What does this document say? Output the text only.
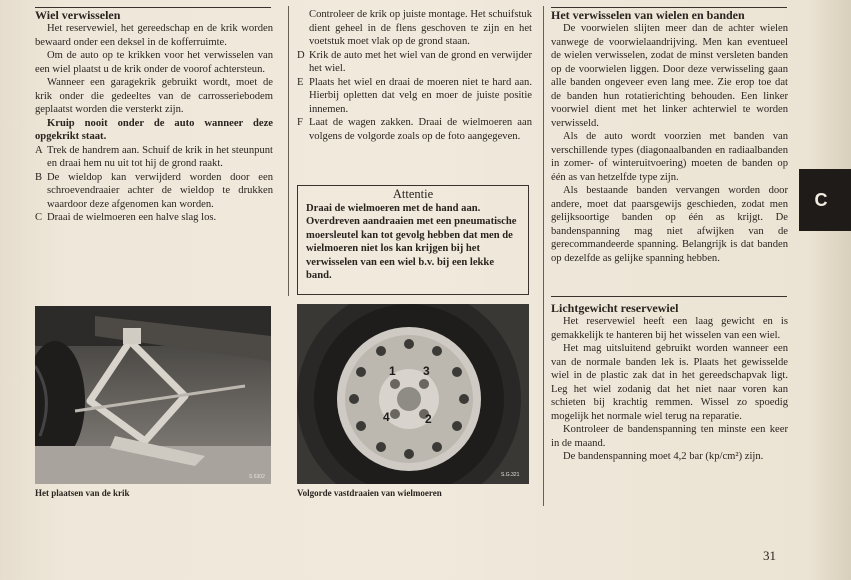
Wiel verwisselen

Het reservewiel, het gereedschap en de krik worden bewaard onder een deksel in de kofferruimte.

Om de auto op te krikken voor het verwisselen van een wiel plaatst u de krik onder de voorof achtersteun.

Wanneer een garagekrik gebruikt wordt, moet de krik onder die gedeeltes van de carrosseriebodem geplaatst worden die versterkt zijn.

Kruip nooit onder de auto wanneer deze opgekrikt staat.

A Trek de handrem aan. Schuif de krik in het steunpunt en draai hem nu uit tot hij de grond raakt.
B De wieldop kan verwijderd worden door een schroevendraaier achter de wieldop te drukken waardoor deze afgenomen kan worden.
C Draai de wielmoeren een halve slag los.
S 6302
Het plaatsen van de krik

Controleer de krik op juiste montage. Het schuifstuk dient geheel in de flens geschoven te zijn en het voetstuk moet vlak op de grond staan.

D Krik de auto met het wiel van de grond en verwijder het wiel.
E Plaats het wiel en draai de moeren niet te hard aan. Hierbij opletten dat velg en moer de juiste positie innemen.
F Laat de wagen zakken. Draai de wielmoeren aan volgens de volgorde zoals op de foto aangegeven.
Attentie
Draai de wielmoeren met de hand aan. Overdreven aandraaien met een pneumatische moersleutel kan tot gevolg hebben dat men de wielmoeren niet los kan krijgen bij het verwisselen van een wiel b.v. bij een lekke band.
1 3
4	2
S.G.321
Volgorde vastdraaien van wielmoeren
Het verwisselen van wielen en banden

De voorwielen slijten meer dan de achter wielen vanwege de voorwielaandrijving. Men kan eventueel de wielen verwisselen, zodat de minst versleten banden op de voorwielen liggen. Door deze verwisseling gaan alle banden ongeveer even lang mee. Zie erop toe dat de banden hun rotatierichting behouden. Een linker voorwiel dient met het linker achterwiel te worden verwisseld.

Als de auto wordt voorzien met banden van verschillende types (diagonaalbanden en radiaalbanden in zomer- of winteruitvoering) moeten de banden op één as van hetzelfde type zijn.

Als bestaande banden vervangen worden door andere, moet dat paarsgewijs geschieden, zodat men gelijksoortige banden op één as krijgt. De bandenspanning mag niet afwijken van de gerecommandeerde spanning. Belangrijk is dat banden op dezelfde as gelijke spanning hebben.

Lichtgewicht reservewiel

Het reservewiel heeft een laag gewicht en is gemakkelijk te hanteren bij het wisselen van een wiel.

Het mag uitsluitend gebruikt worden wanneer een van de normale banden lek is. Plaats het gewisselde wiel in de plastic zak dat in het gereedschapvak ligt. Leg het wiel zodanig dat het niet naar voren kan schieten bij krachtig remmen. Wissel zo spoedig mogelijk het normale wiel terug na reparatie.

Kontroleer de bandenspanning ten minste een keer in de maand.

De bandenspanning moet 4,2 bar (kp/cm²) zijn.

C
31
